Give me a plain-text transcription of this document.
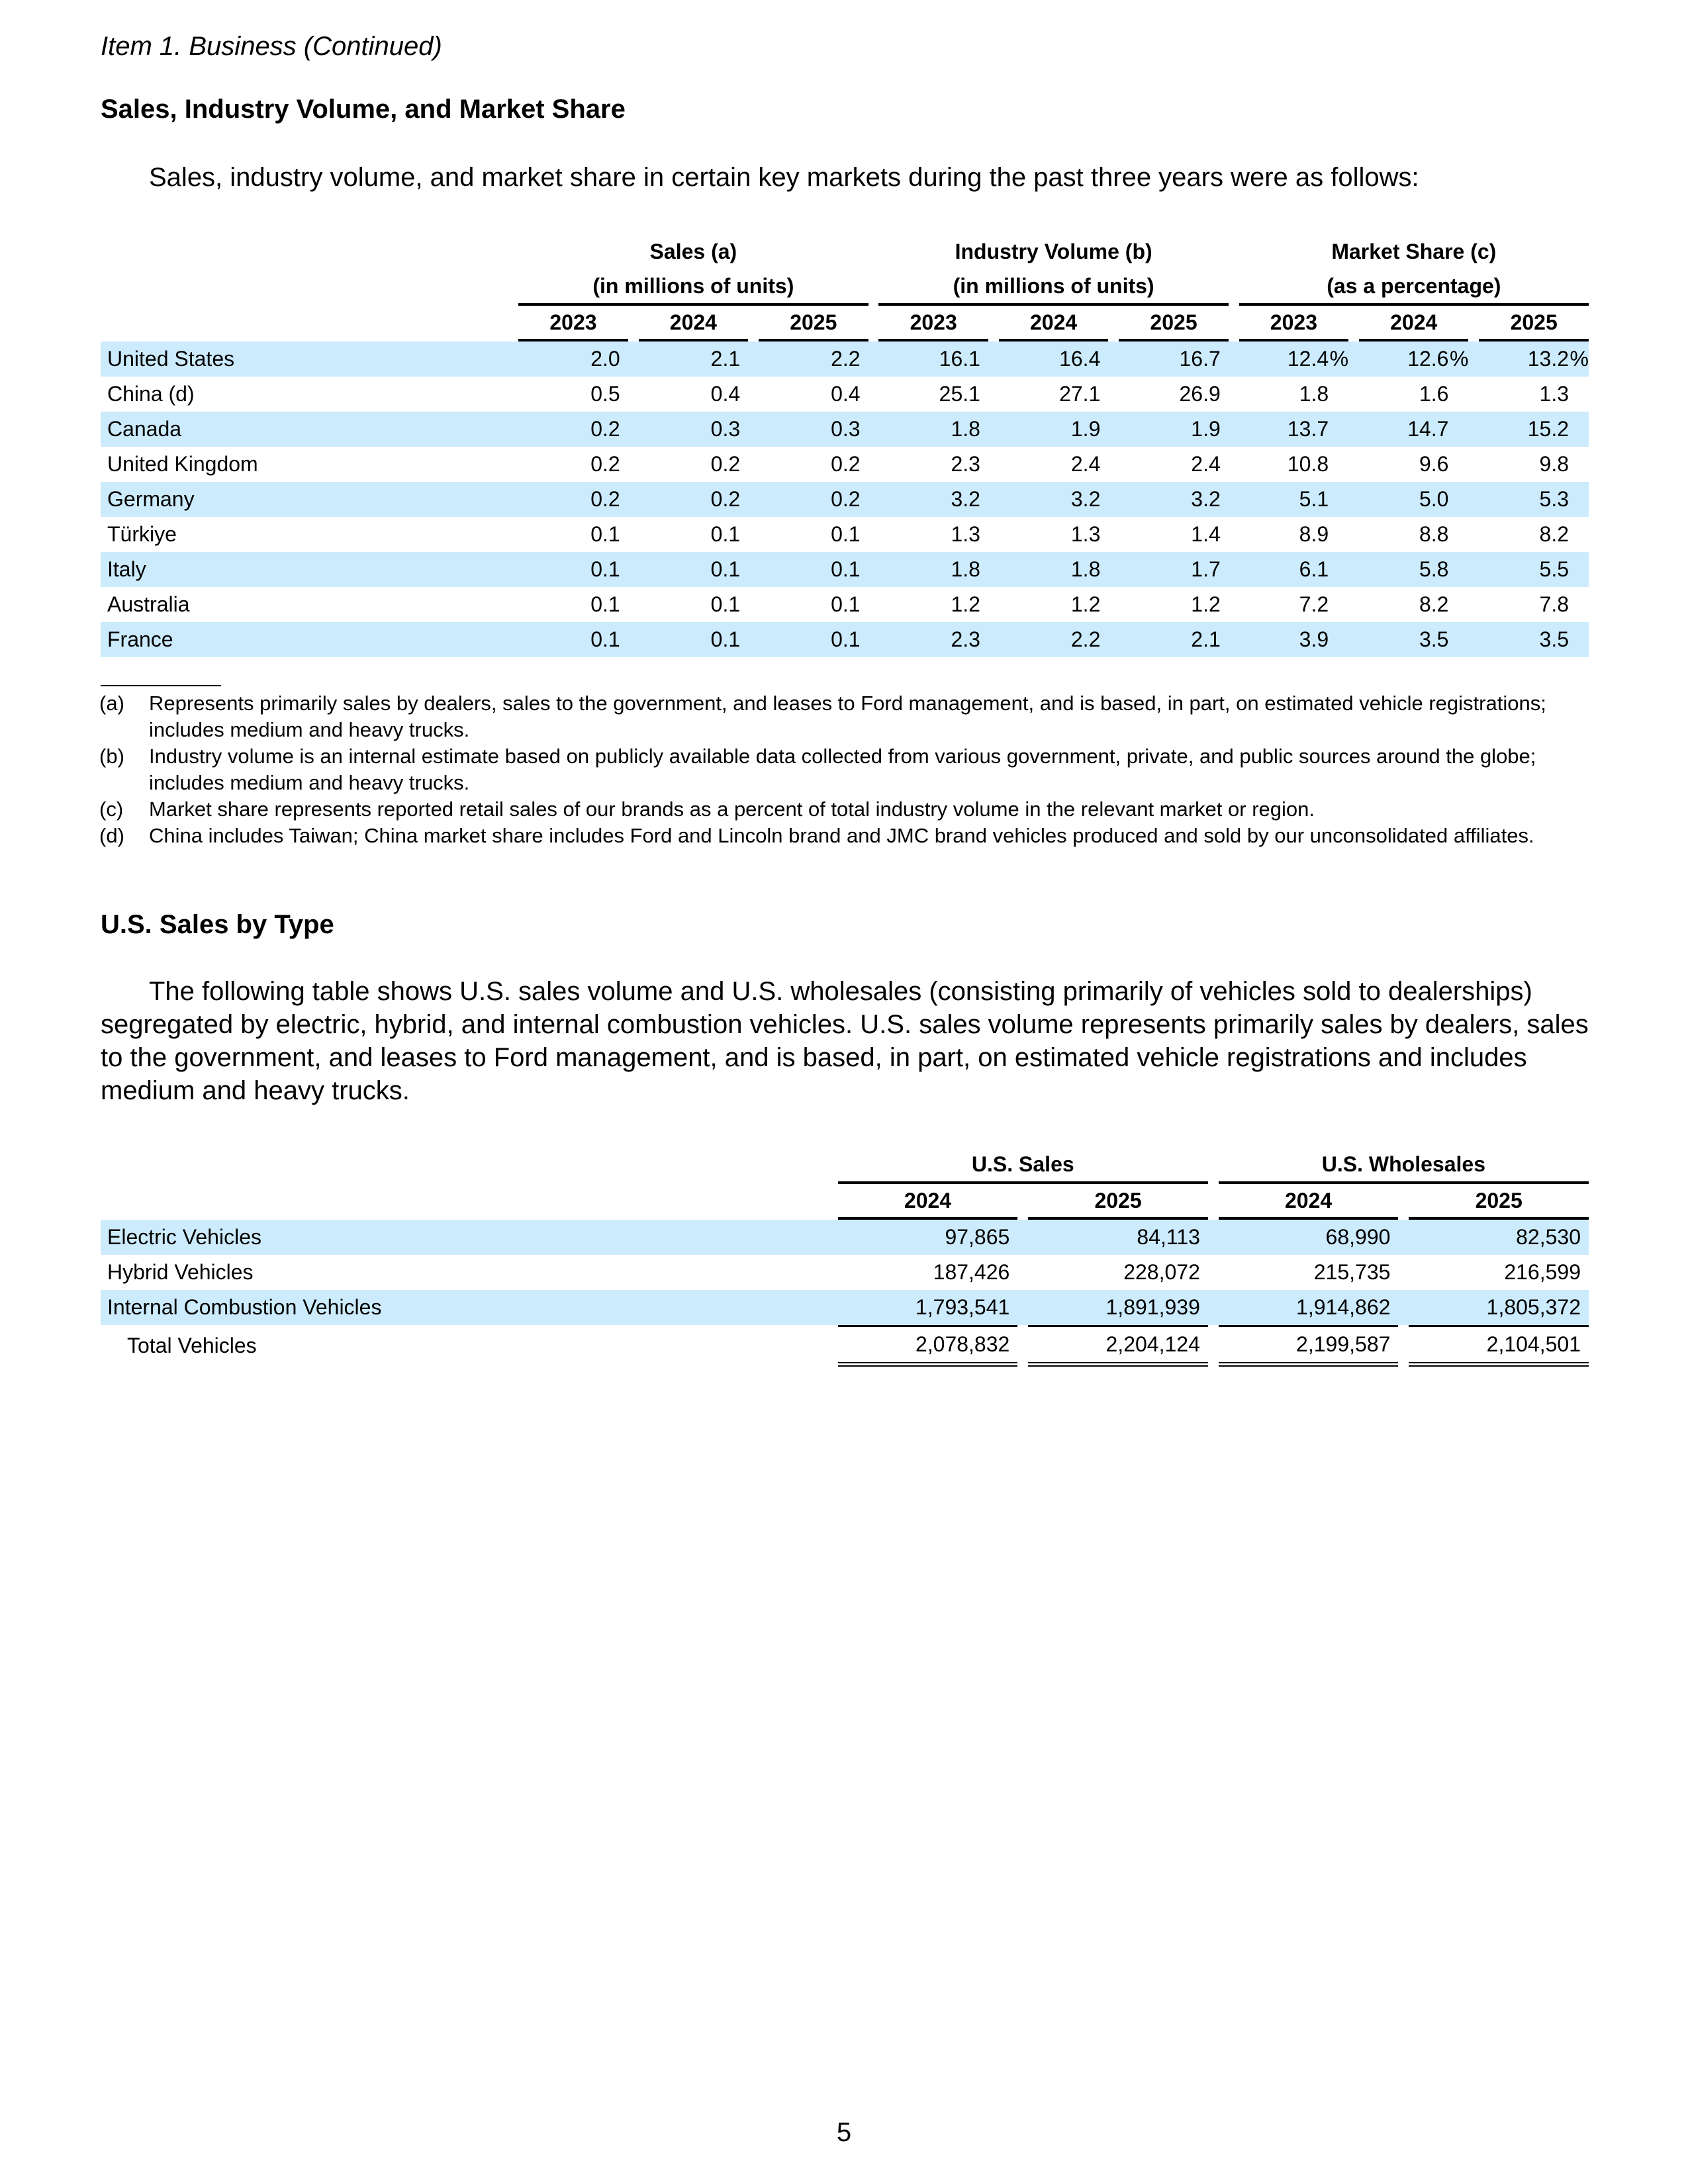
Item 1. Business (Continued)
Sales, Industry Volume, and Market Share
Sales, industry volume, and market share in certain key markets during the past three years were as follows:
	Sales (a)						Industry Volume (b)						Market Share (c)				
	(in millions of units)						(in millions of units)						(as a percentage)				
	2023		2024		2025		2023		2024		2025		2023		2024		2025
United States	2.0		2.1		2.2		16.1		16.4		16.7		12.4%		12.6%		13.2%
China (d)	0.5		0.4		0.4		25.1		27.1		26.9		1.8		1.6		1.3
Canada	0.2		0.3		0.3		1.8		1.9		1.9		13.7		14.7		15.2
United Kingdom	0.2		0.2		0.2		2.3		2.4		2.4		10.8		9.6		9.8
Germany	0.2		0.2		0.2		3.2		3.2		3.2		5.1		5.0		5.3
Türkiye	0.1		0.1		0.1		1.3		1.3		1.4		8.9		8.8		8.2
Italy	0.1		0.1		0.1		1.8		1.8		1.7		6.1		5.8		5.5
Australia	0.1		0.1		0.1		1.2		1.2		1.2		7.2		8.2		7.8
France	0.1		0.1		0.1		2.3		2.2		2.1		3.9		3.5		3.5
(a)	Represents primarily sales by dealers, sales to the government, and leases to Ford management, and is based, in part, on estimated vehicle registrations; includes medium and heavy trucks.
(b)	Industry volume is an internal estimate based on publicly available data collected from various government, private, and public sources around the globe; includes medium and heavy trucks.
(c)	Market share represents reported retail sales of our brands as a percent of total industry volume in the relevant market or region.
(d)	China includes Taiwan; China market share includes Ford and Lincoln brand and JMC brand vehicles produced and sold by our unconsolidated affiliates.
U.S. Sales by Type
The following table shows U.S. sales volume and U.S. wholesales (consisting primarily of vehicles sold to dealerships) segregated by electric, hybrid, and internal combustion vehicles. U.S. sales volume represents primarily sales by dealers, sales to the government, and leases to Ford management, and is based, in part, on estimated vehicle registrations and includes medium and heavy trucks.
	U.S. Sales				U.S. Wholesales		
	2024		2025		2024		2025
Electric Vehicles	97,865		84,113		68,990		82,530
Hybrid Vehicles	187,426		228,072		215,735		216,599
Internal Combustion Vehicles	1,793,541		1,891,939		1,914,862		1,805,372
Total Vehicles	2,078,832		2,204,124		2,199,587		2,104,501
5
